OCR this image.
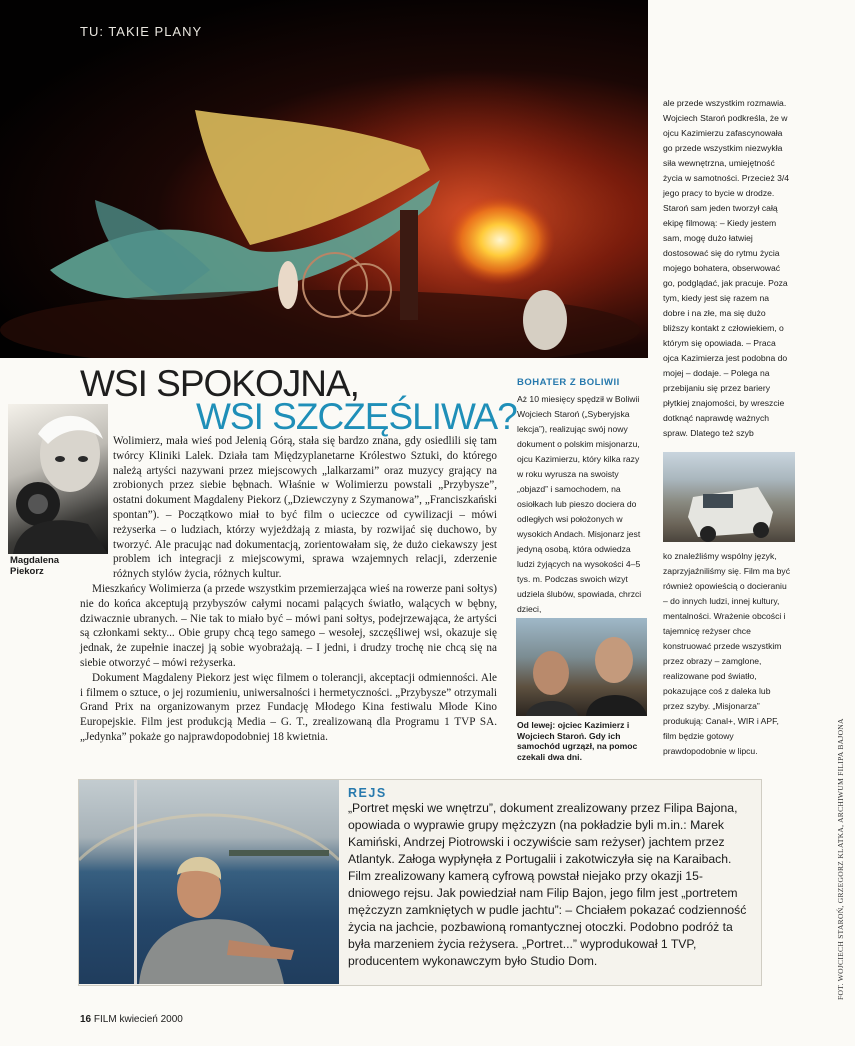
TU: TAKIE PLANY
WSI SPOKOJNA,
WSI SZCZĘŚLIWA?
Magdalena
Piekorz

Wolimierz, mała wieś pod Jelenią Górą, stała się bardzo znana, gdy osiedlili się tam twórcy Kliniki Lalek. Działa tam Międzyplanetarne Królestwo Sztuki, do którego należą artyści nazywani przez miejscowych „lalkarzami” oraz muzycy grający na zrobionych przez siebie bębnach. Właśnie w Wolimierzu powstali „Przybysze”, ostatni dokument Magdaleny Piekorz („Dziewczyny z Szymanowa”, „Franciszkański spontan”). – Początkowo miał to być film o ucieczce od cywilizacji – mówi reżyserka – o ludziach, którzy wyjeżdżają z miasta, by rozwijać się duchowo, by tworzyć. Ale pracując nad dokumentacją, zorientowałam się, że dużo ciekawszy jest problem ich integracji z miejscowymi, sprawa wzajemnych relacji, zderzenie różnych stylów życia, różnych kultur.

Mieszkańcy Wolimierza (a przede wszystkim przemierzająca wieś na rowerze pani sołtys) nie do końca akceptują przybyszów całymi nocami palących światło, walących w bębny, dziwacznie ubranych. – Nie tak to miało być – mówi pani sołtys, podejrzewająca, że artyści są członkami sekty... Obie grupy chcą tego samego – wesołej, szczęśliwej wsi, okazuje się jednak, że zupełnie inaczej ją sobie wyobrażają. – I jedni, i drudzy trochę nie chcą się na siebie otworzyć – mówi reżyserka.

Dokument Magdaleny Piekorz jest więc filmem o tolerancji, akceptacji odmienności. Ale i filmem o sztuce, o jej rozumieniu, uniwersalności i hermetyczności. „Przybysze” otrzymali Grand Prix na organizowanym przez Fundację Młodego Kina festiwalu Młode Kino Europejskie. Film jest produkcją Media – G. T., zrealizowaną dla Programu 1 TVP SA. „Jedynka” pokaże go najprawdopodobniej 18 kwietnia.

BOHATER Z BOLIWII

Aż 10 miesięcy spędził w Boliwii Wojciech Staroń („Syberyjska lekcja”), realizując swój nowy dokument o polskim misjonarzu, ojcu Kazimierzu, który kilka razy w roku wyrusza na swoisty „objazd” i samochodem, na osiołkach lub pieszo dociera do odległych wsi położonych w wysokich Andach. Misjonarz jest jedyną osobą, która odwiedza ludzi żyjących na wysokości 4–5 tys. m. Podczas swoich wizyt udziela ślubów, spowiada, chrzci dzieci,

Od lewej: ojciec Kazimierz i Wojciech Staroń. Gdy ich samochód ugrzązł, na pomoc czekali dwa dni.

ale przede wszystkim rozmawia. Wojciech Staroń podkreśla, że w ojcu Kazimierzu zafascynowała go przede wszystkim niezwykła siła wewnętrzna, umiejętność życia w samotności. Przecież 3/4 jego pracy to bycie w drodze. Staroń sam jeden tworzył całą ekipę filmową: – Kiedy jestem sam, mogę dużo łatwiej dostosować się do rytmu życia mojego bohatera, obserwować go, podglądać, jak pracuje. Poza tym, kiedy jest się razem na dobre i na złe, ma się dużo bliższy kontakt z człowiekiem, o którym się opowiada. – Praca ojca Kazimierza jest podobna do mojej – dodaje. – Polega na przebijaniu się przez bariery płytkiej znajomości, by wreszcie dotknąć naprawdę ważnych spraw. Dlatego też szyb

FOT. WOJCIECH STAROŃ, GRZEGORZ KLATKA, ARCHIWUM FILIPA BAJONA
REJS

„Portret męski we wnętrzu”, dokument zrealizowany przez Filipa Bajona, opowiada o wyprawie grupy mężczyzn (na pokładzie byli m.in.: Marek Kamiński, Andrzej Piotrowski i oczywiście sam reżyser) jachtem przez Atlantyk. Załoga wypłynęła z Portugalii i zakotwiczyła się na Karaibach. Film zrealizowany kamerą cyfrową powstał niejako przy okazji 15-dniowego rejsu. Jak powiedział nam Filip Bajon, jego film jest „portretem mężczyzn zamkniętych w pudle jachtu”: – Chciałem pokazać codzienność życia na jachcie, pozbawioną romantycznej otoczki. Podobno podróż ta była marzeniem życia reżysera. „Portret...” wyprodukował 1 TVP, producentem wykonawczym było Studio Dom.

16 FILM kwiecień 2000
ko znaleźliśmy wspólny język, zaprzyjaźniliśmy się. Film ma być również opowieścią o docieraniu – do innych ludzi, innej kultury, mentalności. Wrażenie obcości i tajemnicę reżyser chce konstruować przede wszystkim przez obrazy – zamglone, realizowane pod światło, pokazujące coś z daleka lub przez szyby. „Misjonarza” produkują: Canal+, WIR i APF, film będzie gotowy prawdopodobnie w lipcu.
